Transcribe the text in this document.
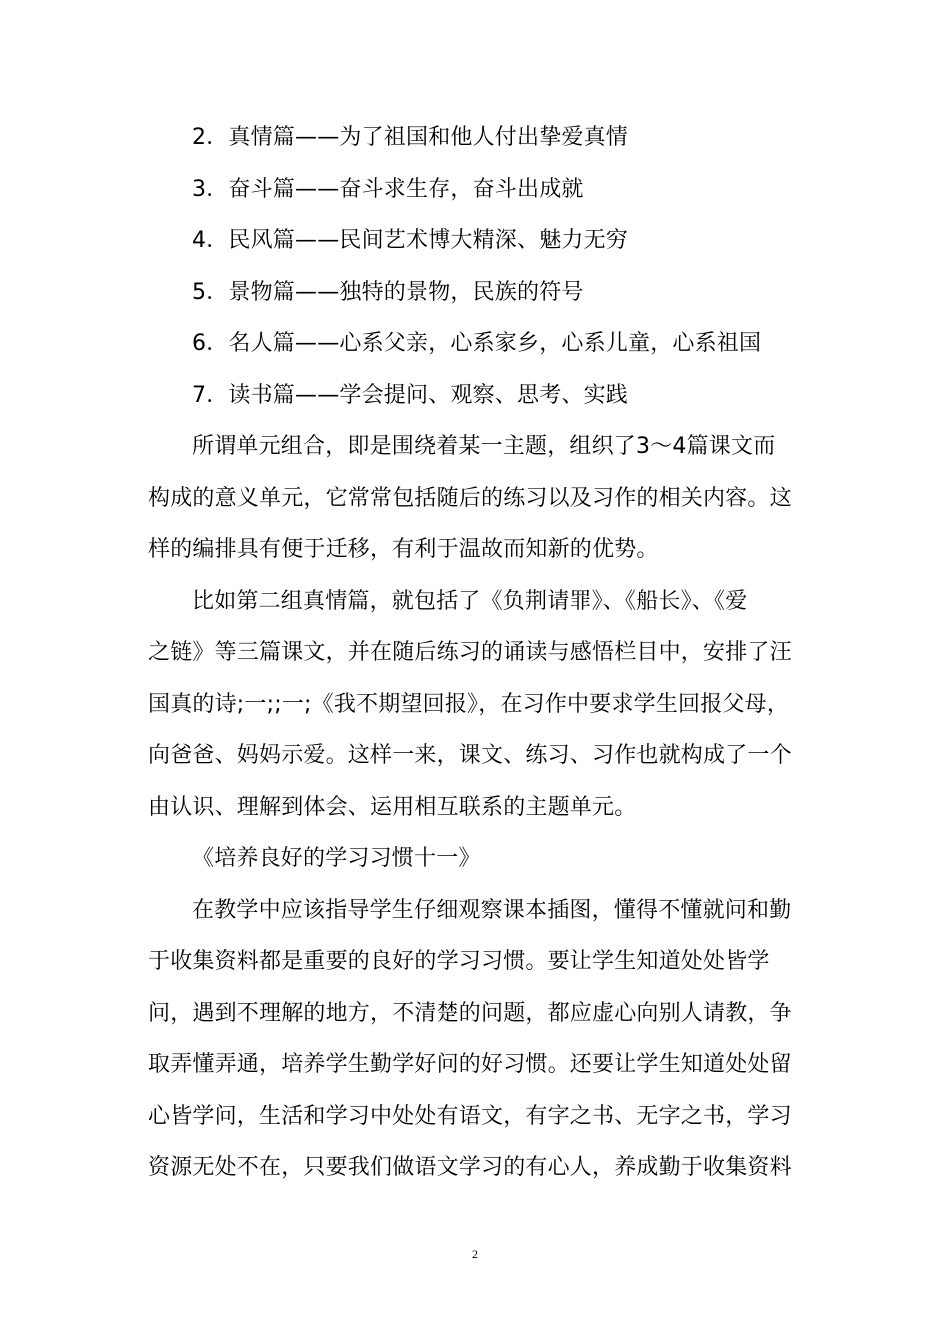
2．真情篇——为了祖国和他人付出挚爱真情
3．奋斗篇——奋斗求生存，奋斗出成就
4．民风篇——民间艺术博大精深、魅力无穷
5．景物篇——独特的景物，民族的符号
6．名人篇——心系父亲，心系家乡，心系儿童，心系祖国
7．读书篇——学会提问、观察、思考、实践
所谓单元组合，即是围绕着某一主题，组织了3～4篇课文而
构成的意义单元，它常常包括随后的练习以及习作的相关内容。这
样的编排具有便于迁移，有利于温故而知新的优势。
比如第二组真情篇，就包括了《负荆请罪》、《船长》、《爱
之链》等三篇课文，并在随后练习的诵读与感悟栏目中，安排了汪
国真的诗;一;;一;《我不期望回报》，在习作中要求学生回报父母，
向爸爸、妈妈示爱。这样一来，课文、练习、习作也就构成了一个
由认识、理解到体会、运用相互联系的主题单元。
《培养良好的学习习惯十一》
在教学中应该指导学生仔细观察课本插图，懂得不懂就问和勤
于收集资料都是重要的良好的学习习惯。要让学生知道处处皆学
问，遇到不理解的地方，不清楚的问题，都应虚心向别人请教，争
取弄懂弄通，培养学生勤学好问的好习惯。还要让学生知道处处留
心皆学问，生活和学习中处处有语文，有字之书、无字之书，学习
资源无处不在，只要我们做语文学习的有心人，养成勤于收集资料
2
